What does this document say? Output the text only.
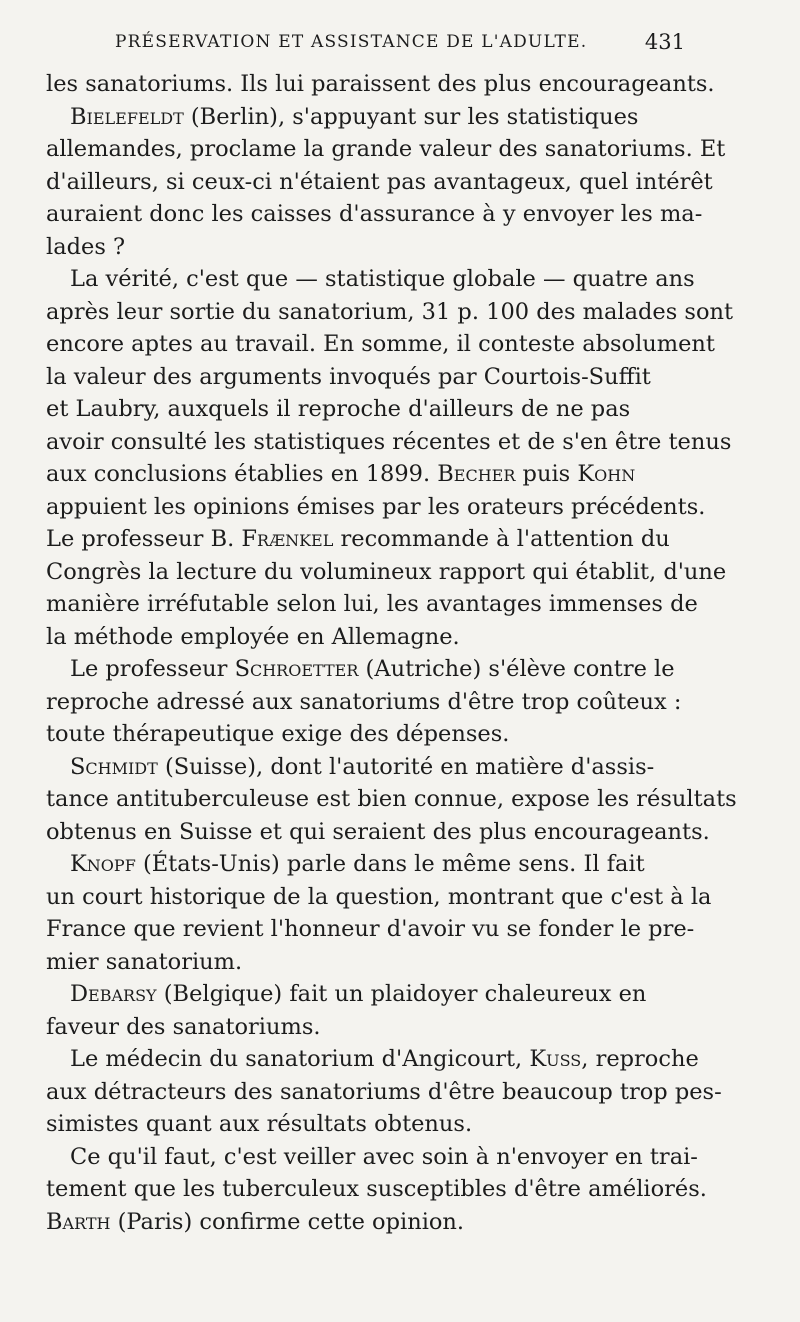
PRÉSERVATION ET ASSISTANCE DE L'ADULTE.	431
les sanatoriums. Ils lui paraissent des plus encourageants.
Bielefeldt (Berlin), s'appuyant sur les statistiques
allemandes, proclame la grande valeur des sanatoriums. Et
d'ailleurs, si ceux-ci n'étaient pas avantageux, quel intérêt
auraient donc les caisses d'assurance à y envoyer les ma-
lades ?
La vérité, c'est que — statistique globale — quatre ans
après leur sortie du sanatorium, 31 p. 100 des malades sont
encore aptes au travail. En somme, il conteste absolument
la valeur des arguments invoqués par Courtois-Suffit
et Laubry, auxquels il reproche d'ailleurs de ne pas
avoir consulté les statistiques récentes et de s'en être tenus
aux conclusions établies en 1899. Becher puis Kohn
appuient les opinions émises par les orateurs précédents.
Le professeur B. Frænkel recommande à l'attention du
Congrès la lecture du volumineux rapport qui établit, d'une
manière irréfutable selon lui, les avantages immenses de
la méthode employée en Allemagne.
Le professeur Schroetter (Autriche) s'élève contre le
reproche adressé aux sanatoriums d'être trop coûteux :
toute thérapeutique exige des dépenses.
Schmidt (Suisse), dont l'autorité en matière d'assis-
tance antituberculeuse est bien connue, expose les résultats
obtenus en Suisse et qui seraient des plus encourageants.
Knopf (États-Unis) parle dans le même sens. Il fait
un court historique de la question, montrant que c'est à la
France que revient l'honneur d'avoir vu se fonder le pre-
mier sanatorium.
Debarsy (Belgique) fait un plaidoyer chaleureux en
faveur des sanatoriums.
Le médecin du sanatorium d'Angicourt, Kuss, reproche
aux détracteurs des sanatoriums d'être beaucoup trop pes-
simistes quant aux résultats obtenus.
Ce qu'il faut, c'est veiller avec soin à n'envoyer en trai-
tement que les tuberculeux susceptibles d'être améliorés.
Barth (Paris) confirme cette opinion.
